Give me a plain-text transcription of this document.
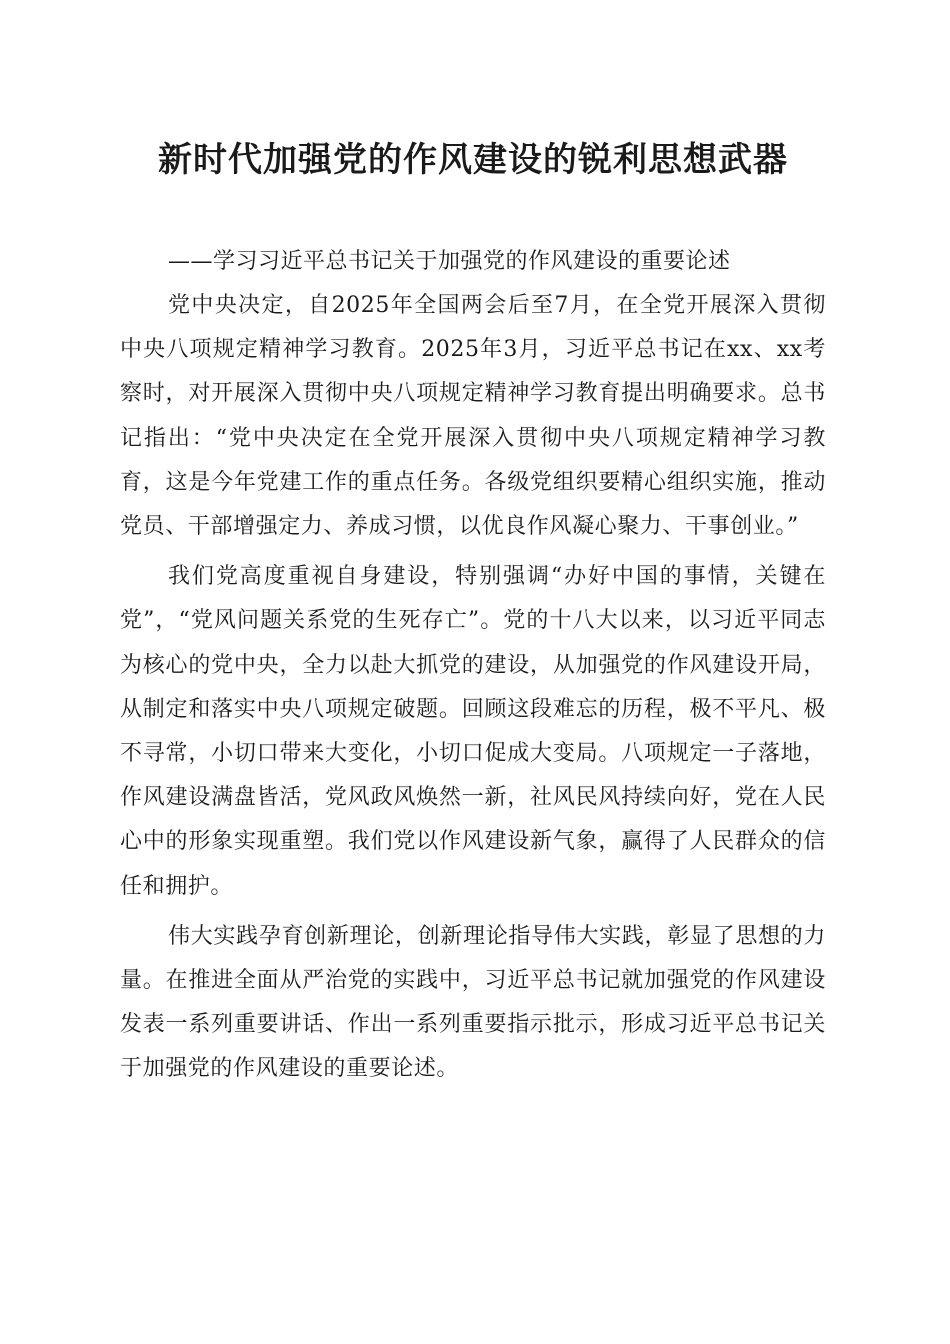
新时代加强党的作风建设的锐利思想武器
——学习习近平总书记关于加强党的作风建设的重要论述

党中央决定，自2025年全国两会后至7月，在全党开展深入贯彻中央八项规定精神学习教育。2025年3月，习近平总书记在xx、xx考察时，对开展深入贯彻中央八项规定精神学习教育提出明确要求。总书记指出：“党中央决定在全党开展深入贯彻中央八项规定精神学习教育，这是今年党建工作的重点任务。各级党组织要精心组织实施，推动党员、干部增强定力、养成习惯，以优良作风凝心聚力、干事创业。”

我们党高度重视自身建设，特别强调“办好中国的事情，关键在党”，“党风问题关系党的生死存亡”。党的十八大以来，以习近平同志为核心的党中央，全力以赴大抓党的建设，从加强党的作风建设开局，从制定和落实中央八项规定破题。回顾这段难忘的历程，极不平凡、极不寻常，小切口带来大变化，小切口促成大变局。八项规定一子落地，作风建设满盘皆活，党风政风焕然一新，社风民风持续向好，党在人民心中的形象实现重塑。我们党以作风建设新气象，赢得了人民群众的信任和拥护。

伟大实践孕育创新理论，创新理论指导伟大实践，彰显了思想的力量。在推进全面从严治党的实践中，习近平总书记就加强党的作风建设发表一系列重要讲话、作出一系列重要指示批示，形成习近平总书记关于加强党的作风建设的重要论述。
